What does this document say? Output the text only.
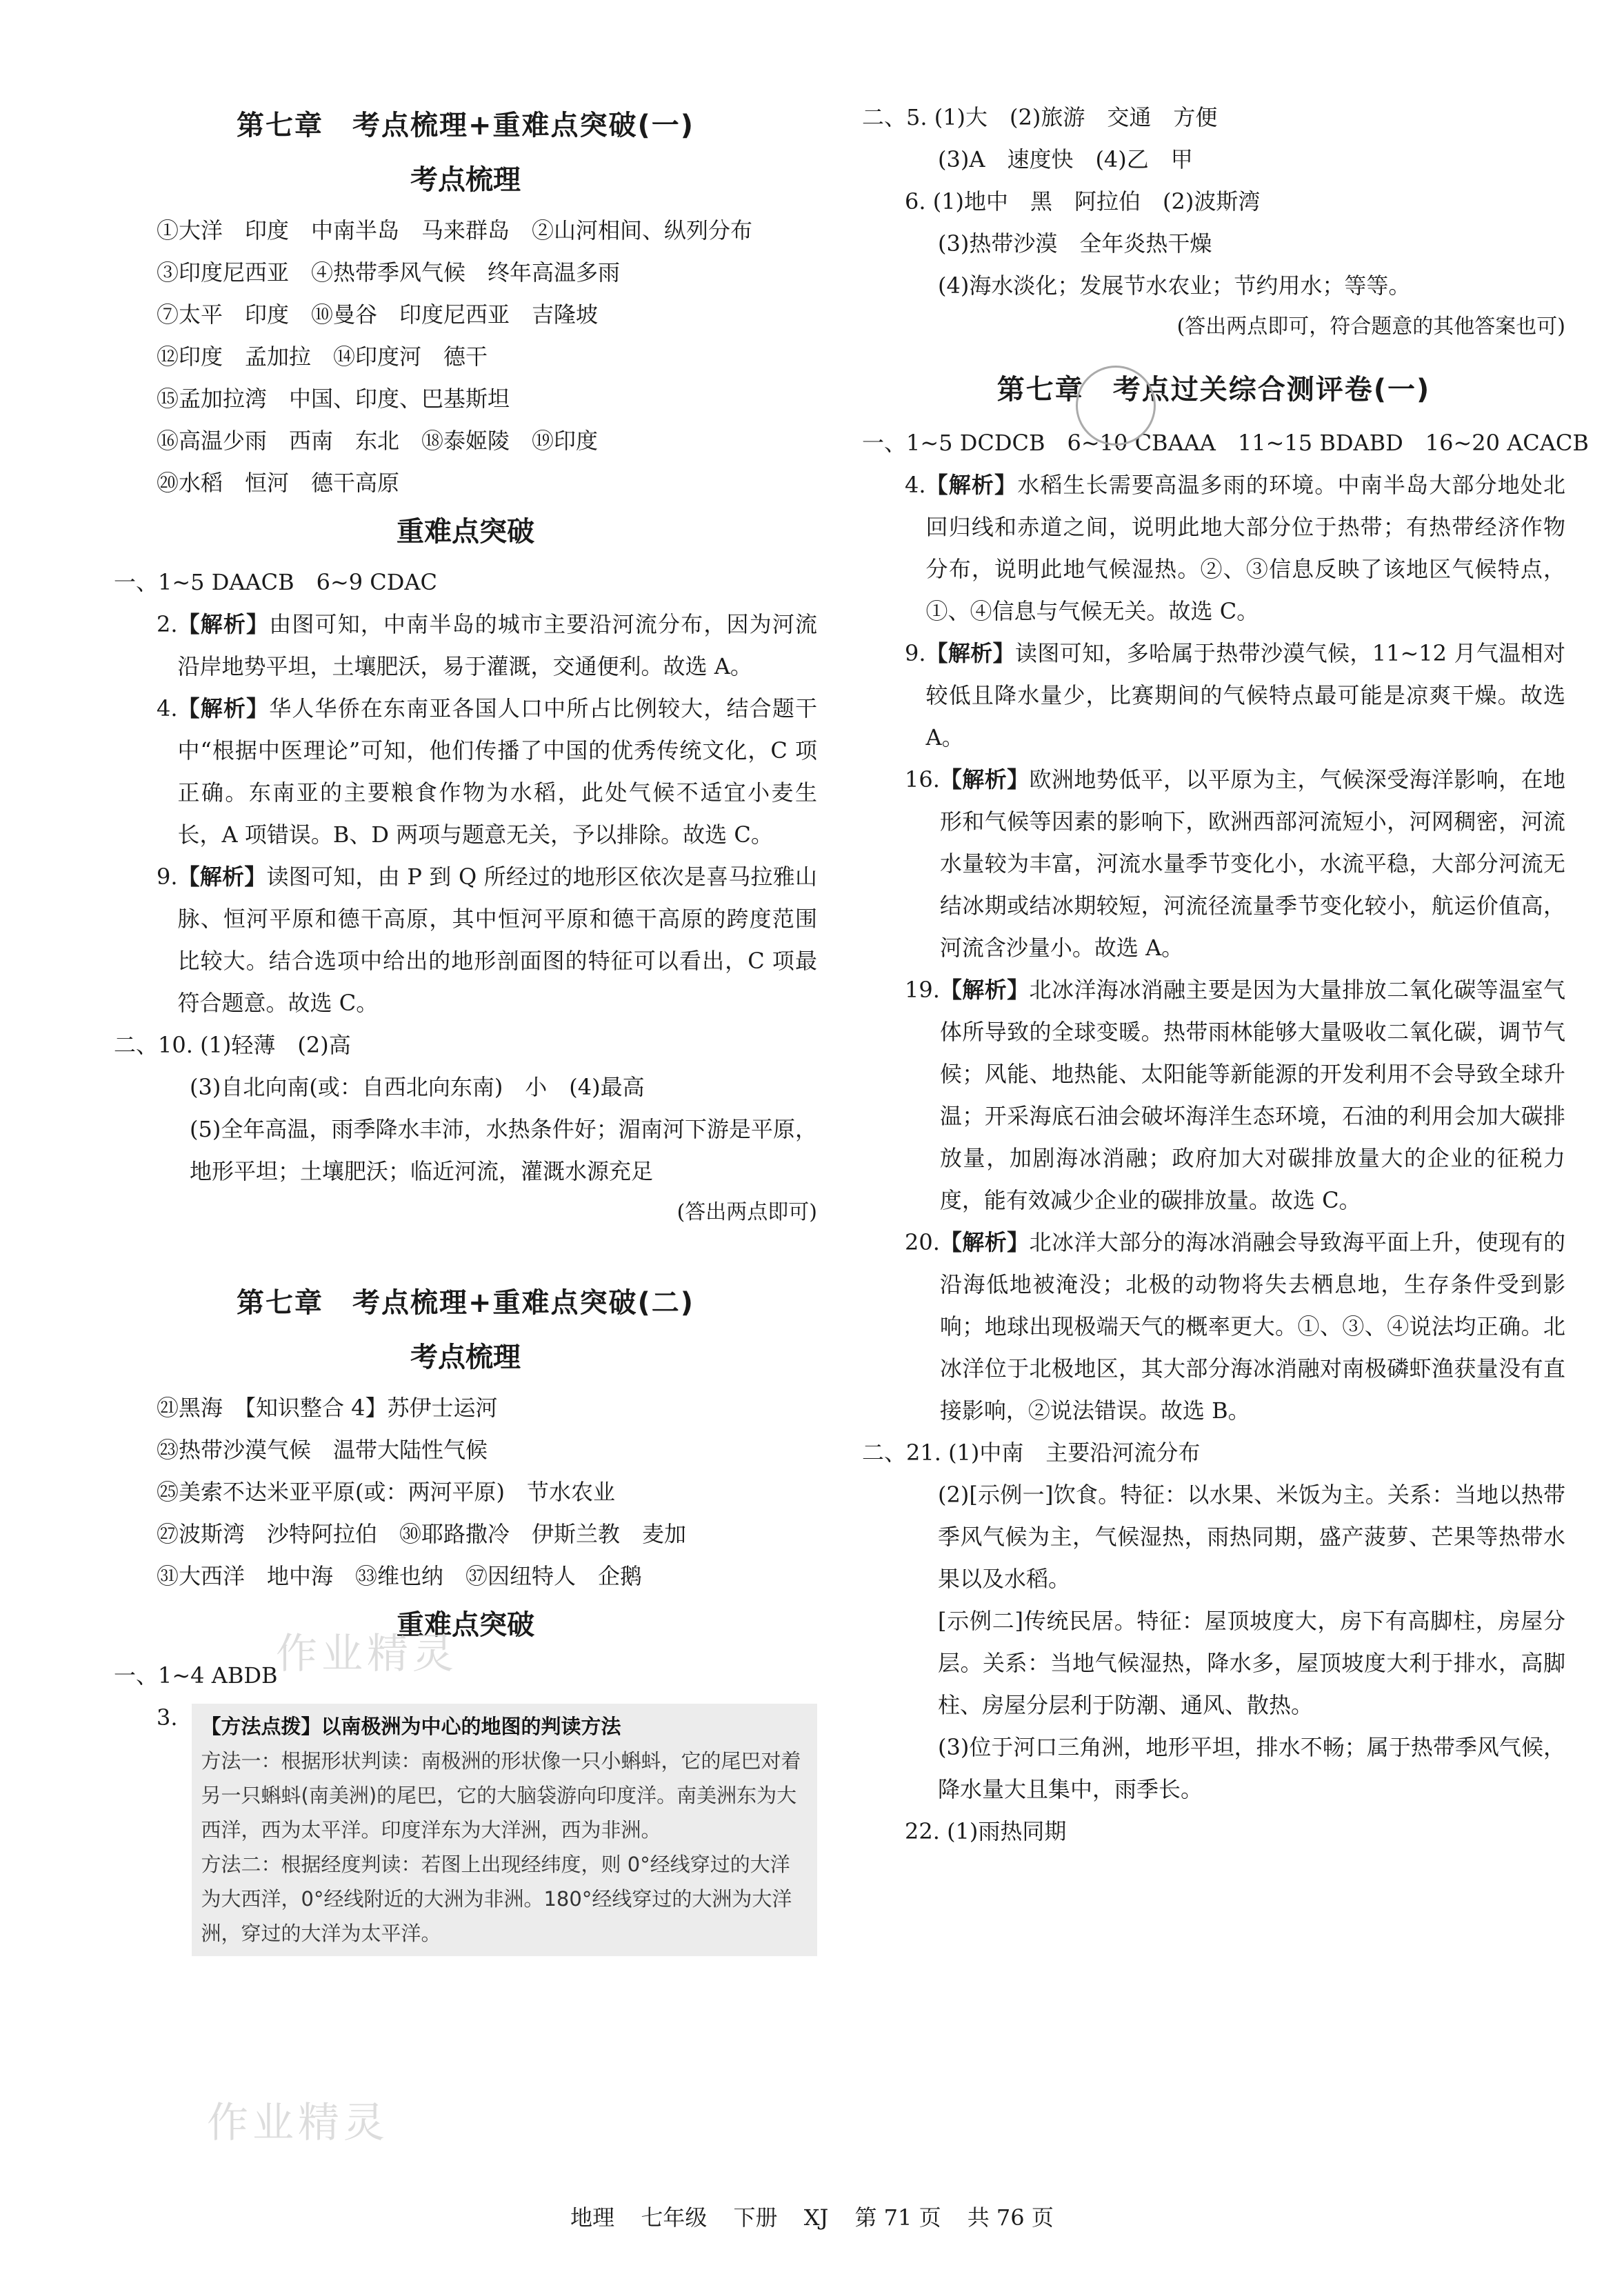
第七章　考点梳理+重难点突破(一)
考点梳理
①大洋　印度　中南半岛　马来群岛　②山河相间、纵列分布
③印度尼西亚　④热带季风气候　终年高温多雨
⑦太平　印度　⑩曼谷　印度尼西亚　吉隆坡
⑫印度　孟加拉　⑭印度河　德干
⑮孟加拉湾　中国、印度、巴基斯坦
⑯高温少雨　西南　东北　⑱泰姬陵　⑲印度
⑳水稻　恒河　德干高原
重难点突破
一、1~5 DAACB　6~9 CDAC
2. 【解析】由图可知，中南半岛的城市主要沿河流分布，因为河流沿岸地势平坦，土壤肥沃，易于灌溉，交通便利。故选 A。
4. 【解析】华人华侨在东南亚各国人口中所占比例较大，结合题干中“根据中医理论”可知，他们传播了中国的优秀传统文化，C 项正确。东南亚的主要粮食作物为水稻，此处气候不适宜小麦生长，A 项错误。B、D 两项与题意无关，予以排除。故选 C。
9. 【解析】读图可知，由 P 到 Q 所经过的地形区依次是喜马拉雅山脉、恒河平原和德干高原，其中恒河平原和德干高原的跨度范围比较大。结合选项中给出的地形剖面图的特征可以看出，C 项最符合题意。故选 C。
二、10. (1)轻薄　(2)高
(3)自北向南(或：自西北向东南)　小　(4)最高
(5)全年高温，雨季降水丰沛，水热条件好；湄南河下游是平原，地形平坦；土壤肥沃；临近河流，灌溉水源充足
(答出两点即可)
第七章　考点梳理+重难点突破(二)
考点梳理
㉑黑海　【知识整合 4】苏伊士运河
㉓热带沙漠气候　温带大陆性气候
㉕美索不达米亚平原(或：两河平原)　节水农业
㉗波斯湾　沙特阿拉伯　㉚耶路撒冷　伊斯兰教　麦加
㉛大西洋　地中海　㉝维也纳　㊲因纽特人　企鹅
重难点突破
一、1~4 ABDB
3. 【方法点拨】以南极洲为中心的地图的判读方法
方法一：根据形状判读：南极洲的形状像一只小蝌蚪，它的尾巴对着另一只蝌蚪(南美洲)的尾巴，它的大脑袋游向印度洋。南美洲东为大西洋，西为太平洋。印度洋东为大洋洲，西为非洲。
方法二：根据经度判读：若图上出现经纬度，则 0°经线穿过的大洋为大西洋，0°经线附近的大洲为非洲。180°经线穿过的大洲为大洋洲，穿过的大洋为太平洋。
二、5. (1)大　(2)旅游　交通　方便
(3)A　速度快　(4)乙　甲
6. (1)地中　黑　阿拉伯　(2)波斯湾
(3)热带沙漠　全年炎热干燥
(4)海水淡化；发展节水农业；节约用水；等等。
(答出两点即可，符合题意的其他答案也可)
第七章　考点过关综合测评卷(一)
一、1~5 DCDCB　6~10 CBAAA　11~15 BDABD　16~20 ACACB
4. 【解析】水稻生长需要高温多雨的环境。中南半岛大部分地处北回归线和赤道之间，说明此地大部分位于热带；有热带经济作物分布，说明此地气候湿热。②、③信息反映了该地区气候特点，①、④信息与气候无关。故选 C。
9. 【解析】读图可知，多哈属于热带沙漠气候，11~12 月气温相对较低且降水量少，比赛期间的气候特点最可能是凉爽干燥。故选 A。
16. 【解析】欧洲地势低平，以平原为主，气候深受海洋影响，在地形和气候等因素的影响下，欧洲西部河流短小，河网稠密，河流水量较为丰富，河流水量季节变化小，水流平稳，大部分河流无结冰期或结冰期较短，河流径流量季节变化较小，航运价值高，河流含沙量小。故选 A。
19. 【解析】北冰洋海冰消融主要是因为大量排放二氧化碳等温室气体所导致的全球变暖。热带雨林能够大量吸收二氧化碳，调节气候；风能、地热能、太阳能等新能源的开发利用不会导致全球升温；开采海底石油会破坏海洋生态环境，石油的利用会加大碳排放量，加剧海冰消融；政府加大对碳排放量大的企业的征税力度，能有效减少企业的碳排放量。故选 C。
20. 【解析】北冰洋大部分的海冰消融会导致海平面上升，使现有的沿海低地被淹没；北极的动物将失去栖息地，生存条件受到影响；地球出现极端天气的概率更大。①、③、④说法均正确。北冰洋位于北极地区，其大部分海冰消融对南极磷虾渔获量没有直接影响，②说法错误。故选 B。
二、21. (1)中南　主要沿河流分布
(2)[示例一]饮食。特征：以水果、米饭为主。关系：当地以热带季风气候为主，气候湿热，雨热同期，盛产菠萝、芒果等热带水果以及水稻。
[示例二]传统民居。特征：屋顶坡度大，房下有高脚柱，房屋分层。关系：当地气候湿热，降水多，屋顶坡度大利于排水，高脚柱、房屋分层利于防潮、通风、散热。
(3)位于河口三角洲，地形平坦，排水不畅；属于热带季风气候，降水量大且集中，雨季长。
22. (1)雨热同期
作业精灵
作业精灵
地理 七年级 下册 XJ 第 71 页 共 76 页
